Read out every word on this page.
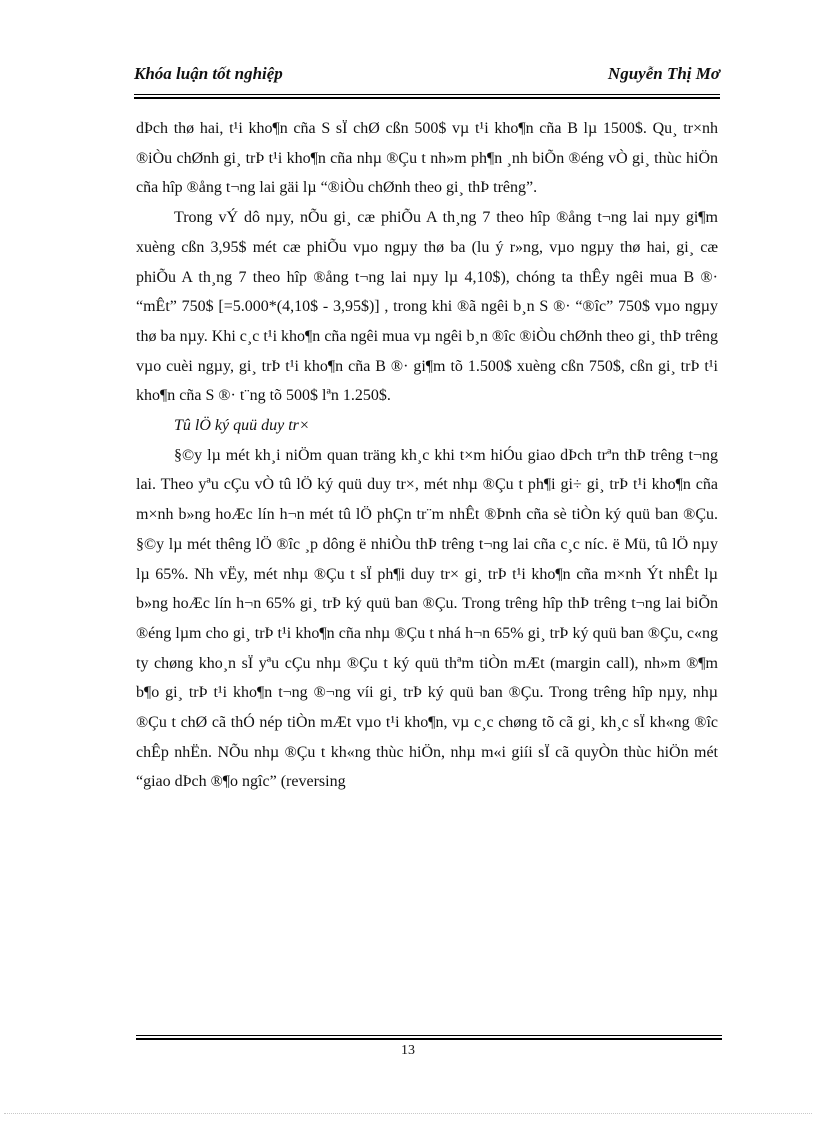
Khóa luận tốt nghiệp	Nguyễn Thị Mơ

dÞch thø hai, t¹i kho¶n cña S sÏ chØ cßn 500$ vµ t¹i kho¶n cña B lµ 1500$. Qu¸ tr×nh ®iÒu chØnh gi¸ trÞ t¹i kho¶n cña nhµ ®Çu t nh»m ph¶n ¸nh biÕn ®éng vÒ gi¸ thùc hiÖn cña hîp ®ång t¬ng lai gäi lµ “®iÒu chØnh theo gi¸ thÞ trêng”.

Trong vÝ dô nµy, nÕu gi¸ cæ phiÕu A th¸ng 7 theo hîp ®ång t¬ng lai nµy gi¶m xuèng cßn 3,95$ mét cæ phiÕu vµo ngµy thø ba (lu ý r»ng, vµo ngµy thø hai, gi¸ cæ phiÕu A th¸ng 7 theo hîp ®ång t¬ng lai nµy lµ 4,10$), chóng ta thÊy ngêi mua B ®· “mÊt” 750$ [=5.000*(4,10$ - 3,95$)] , trong khi ®ã ngêi b¸n S ®· “®îc” 750$ vµo ngµy thø ba nµy. Khi c¸c t¹i kho¶n cña ngêi mua vµ ngêi b¸n ®îc ®iÒu chØnh theo gi¸ thÞ trêng vµo cuèi ngµy, gi¸ trÞ t¹i kho¶n cña B ®· gi¶m tõ 1.500$ xuèng cßn 750$, cßn gi¸ trÞ t¹i kho¶n cña S ®· t¨ng tõ 500$ lªn 1.250$.

Tû lÖ ký quü duy tr×

§©y lµ mét kh¸i niÖm quan träng kh¸c khi t×m hiÓu giao dÞch trªn thÞ trêng t¬ng lai. Theo yªu cÇu vÒ tû lÖ ký quü duy tr×, mét nhµ ®Çu t ph¶i gi÷ gi¸ trÞ t¹i kho¶n cña m×nh b»ng hoÆc lín h¬n mét tû lÖ phÇn tr¨m nhÊt ®Þnh cña sè tiÒn ký quü ban ®Çu. §©y lµ mét thêng lÖ ®îc ¸p dông ë nhiÒu thÞ trêng t¬ng lai cña c¸c níc. ë Mü, tû lÖ nµy lµ 65%. Nh vËy, mét nhµ ®Çu t sÏ ph¶i duy tr× gi¸ trÞ t¹i kho¶n cña m×nh Ýt nhÊt lµ b»ng hoÆc lín h¬n 65% gi¸ trÞ ký quü ban ®Çu. Trong trêng hîp thÞ trêng t¬ng lai biÕn ®éng lµm cho gi¸ trÞ t¹i kho¶n cña nhµ ®Çu t nhá h¬n 65% gi¸ trÞ ký quü ban ®Çu, c«ng ty chøng kho¸n sÏ yªu cÇu nhµ ®Çu t ký quü thªm tiÒn mÆt (margin call), nh»m ®¶m b¶o gi¸ trÞ t¹i kho¶n t¬ng ®¬ng víi gi¸ trÞ ký quü ban ®Çu. Trong trêng hîp nµy, nhµ ®Çu t chØ cã thÓ nép tiÒn mÆt vµo t¹i kho¶n, vµ c¸c chøng tõ cã gi¸ kh¸c sÏ kh«ng ®îc chÊp nhËn. NÕu nhµ ®Çu t kh«ng thùc hiÖn, nhµ m«i giíi sÏ cã quyÒn thùc hiÖn mét “giao dÞch ®¶o ngîc” (reversing

13
